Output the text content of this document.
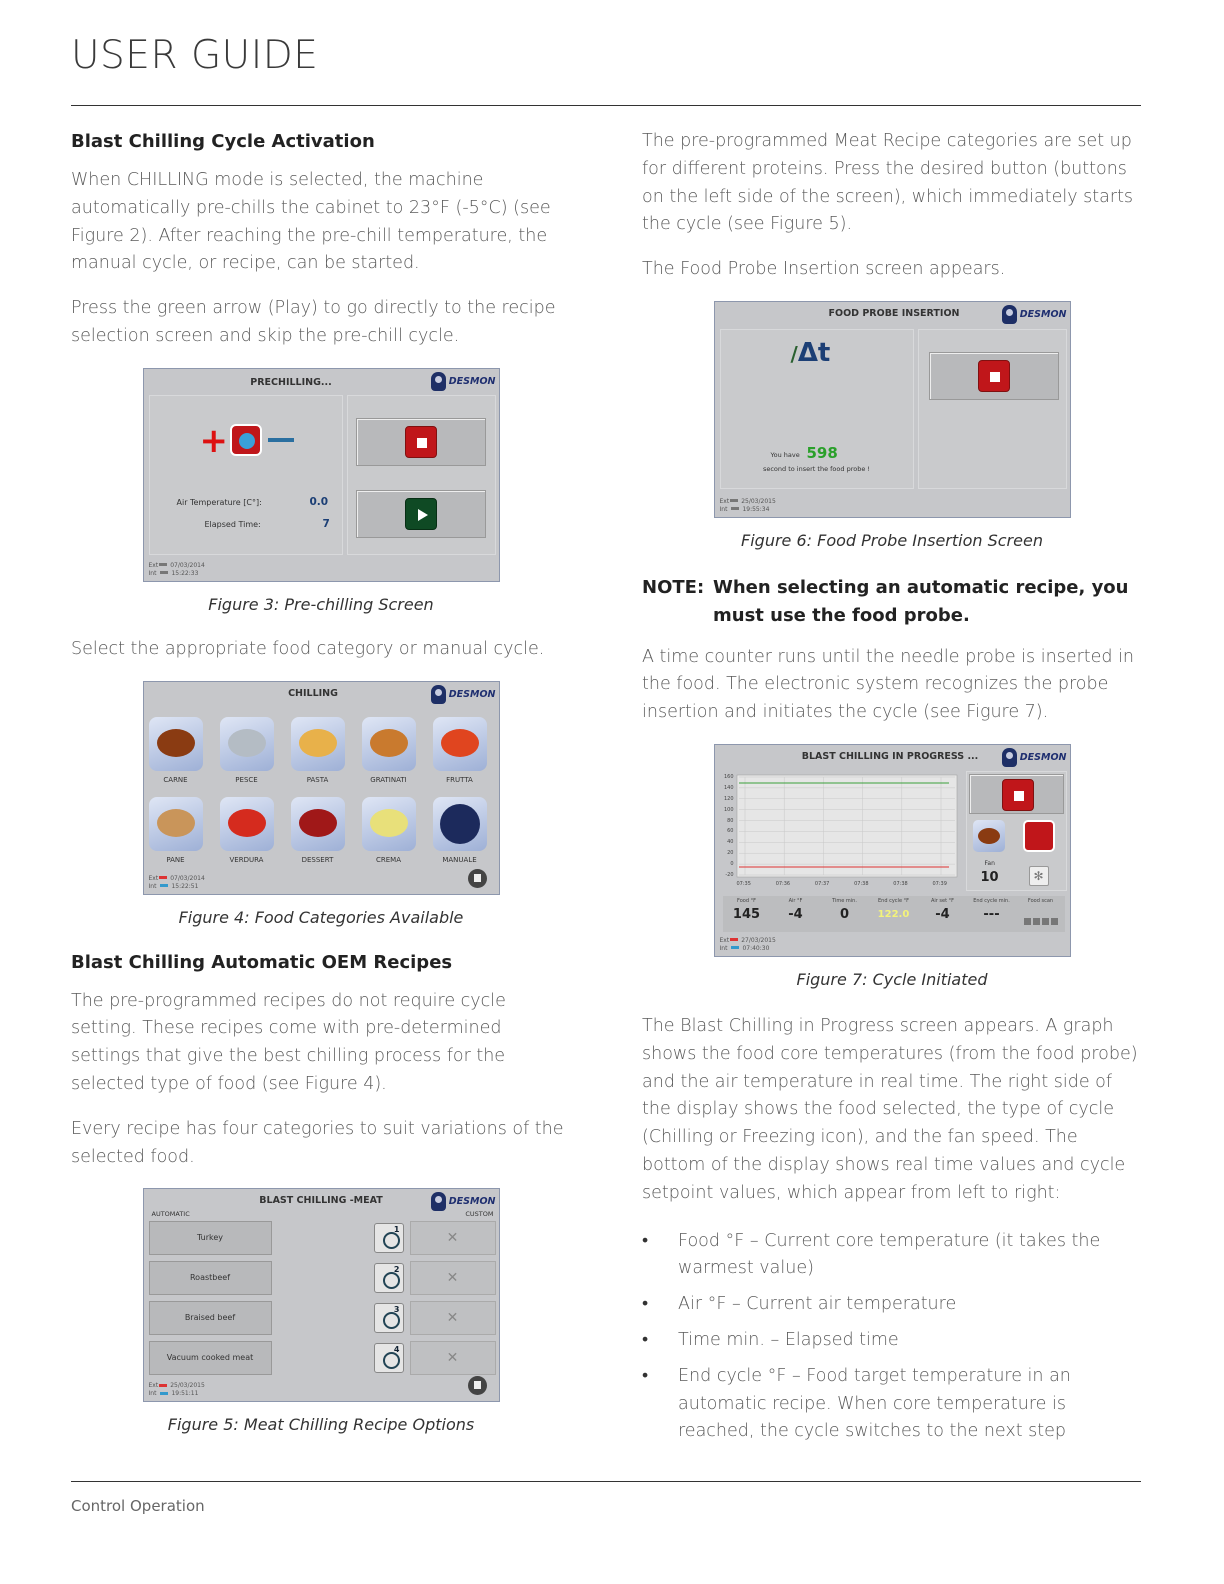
USER GUIDE
Blast Chilling Cycle Activation

When CHILLING mode is selected, the machine automatically pre-chills the cabinet to 23°F (-5°C) (see Figure 2). After reaching the pre-chill temperature, the manual cycle, or recipe, can be started.

Press the green arrow (Play) to go directly to the recipe selection screen and skip the pre-chill cycle.

PRECHILLING...	DESMON
+
Air Temperature [C°]:	0.0
Elapsed Time:	7
Ext 07/03/2014
Int	15:22:33
Figure 3: Pre-chilling Screen

Select the appropriate food category or manual cycle.

CHILLING	DESMON
CARNE	PESCE	PASTA	GRATINATI	FRUTTA
PANE	VERDURA	DESSERT	CREMA	MANUALE
Ext 07/03/2014
Int	15:22:51
Figure 4: Food Categories Available
Blast Chilling Automatic OEM Recipes

The pre-programmed recipes do not require cycle setting. These recipes come with pre-determined settings that give the best chilling process for the selected type of food (see Figure 4).

Every recipe has four categories to suit variations of the selected food.

BLAST CHILLING -MEAT	DESMON
AUTOMATIC	CUSTOM
Turkey
1
✕
Roastbeef
2
✕
Braised beef
3
✕
Vacuum cooked meat
4
✕
Ext 25/03/2015
Int	19:51:11
Figure 5: Meat Chilling Recipe Options

The pre-programmed Meat Recipe categories are set up for different proteins. Press the desired button (buttons on the left side of the screen), which immediately starts the cycle (see Figure 5).

The Food Probe Insertion screen appears.

FOOD PROBE INSERTION	DESMON
/Δt
You have 598
second to insert the food probe !
Ext 25/03/2015
Int	19:55:34
Figure 6: Food Probe Insertion Screen
NOTE: When selecting an automatic recipe, you must use the food probe.

A time counter runs until the needle probe is inserted in the food. The electronic system recognizes the probe insertion and initiates the cycle (see Figure 7).

BLAST CHILLING IN PROGRESS ...	DESMON
160
140
120
100
80
60
40
20
0
-20
07:35	07:36	07:37	07:38	07:38	07:39
Fan
10	✻
Food °F
145
Air °F
-4
Time min.
0
End cycle °F
122.0
Air set °F
-4
End cycle min.
---
Food scan
Ext 27/03/2015
Int	07:40:30
Figure 7: Cycle Initiated

The Blast Chilling in Progress screen appears. A graph shows the food core temperatures (from the food probe) and the air temperature in real time. The right side of the display shows the food selected, the type of cycle (Chilling or Freezing icon), and the fan speed. The bottom of the display shows real time values and cycle setpoint values, which appear from left to right:

• Food °F – Current core temperature (it takes the warmest value)
• Air °F – Current air temperature
• Time min. – Elapsed time
• End cycle °F – Food target temperature in an automatic recipe. When core temperature is reached, the cycle switches to the next step
Control Operation
